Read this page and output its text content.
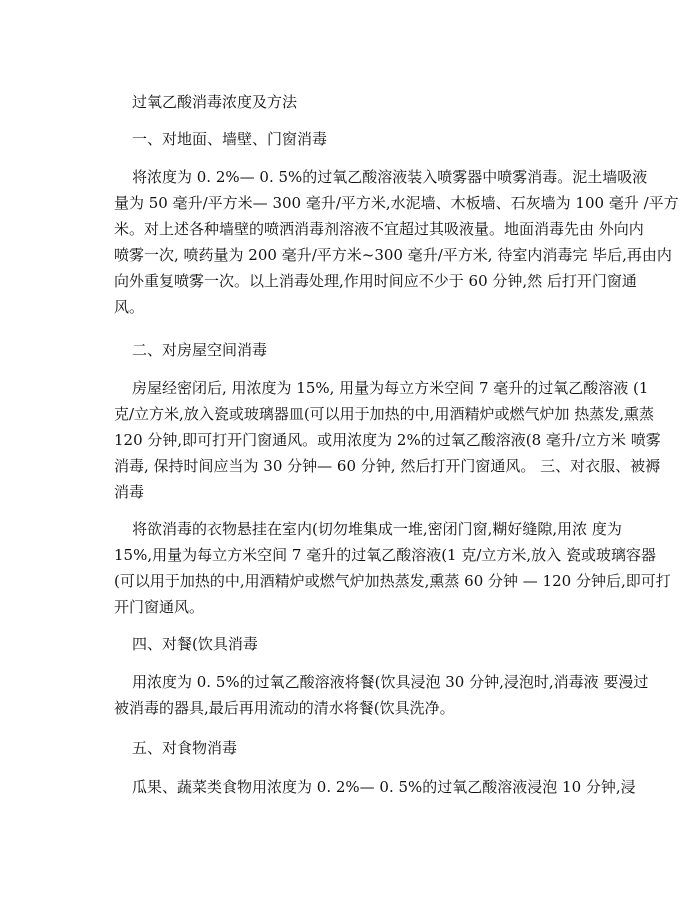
过氧乙酸消毒浓度及方法
一、对地面、墙壁、门窗消毒
将浓度为 0. 2%— 0. 5%的过氧乙酸溶液装入喷雾器中喷雾消毒。泥土墙吸液
量为 50 毫升/平方米— 300 毫升/平方米,水泥墙、木板墙、石灰墙为 100 毫升 /平方
米。对上述各种墙壁的喷洒消毒剂溶液不宜超过其吸液量。地面消毒先由 外向内
喷雾一次, 喷药量为 200 毫升/平方米~300 毫升/平方米, 待室内消毒完 毕后,再由内
向外重复喷雾一次。以上消毒处理,作用时间应不少于 60 分钟,然 后打开门窗通
风。
二、对房屋空间消毒
房屋经密闭后, 用浓度为 15%, 用量为每立方米空间 7 毫升的过氧乙酸溶液 (1
克/立方米,放入瓷或玻璃器皿(可以用于加热的中,用酒精炉或燃气炉加 热蒸发,熏蒸
120 分钟,即可打开门窗通风。或用浓度为 2%的过氧乙酸溶液(8 毫升/立方米 喷雾
消毒, 保持时间应当为 30 分钟— 60 分钟, 然后打开门窗通风。 三、对衣服、被褥
消毒
将欲消毒的衣物悬挂在室内(切勿堆集成一堆,密闭门窗,糊好缝隙,用浓 度为
15%,用量为每立方米空间 7 毫升的过氧乙酸溶液(1 克/立方米,放入 瓷或玻璃容器
(可以用于加热的中,用酒精炉或燃气炉加热蒸发,熏蒸 60 分钟 — 120 分钟后,即可打
开门窗通风。
四、对餐(饮具消毒
用浓度为 0. 5%的过氧乙酸溶液将餐(饮具浸泡 30 分钟,浸泡时,消毒液 要漫过
被消毒的器具,最后再用流动的清水将餐(饮具洗净。
五、对食物消毒
瓜果、蔬菜类食物用浓度为 0. 2%— 0. 5%的过氧乙酸溶液浸泡 10 分钟,浸
